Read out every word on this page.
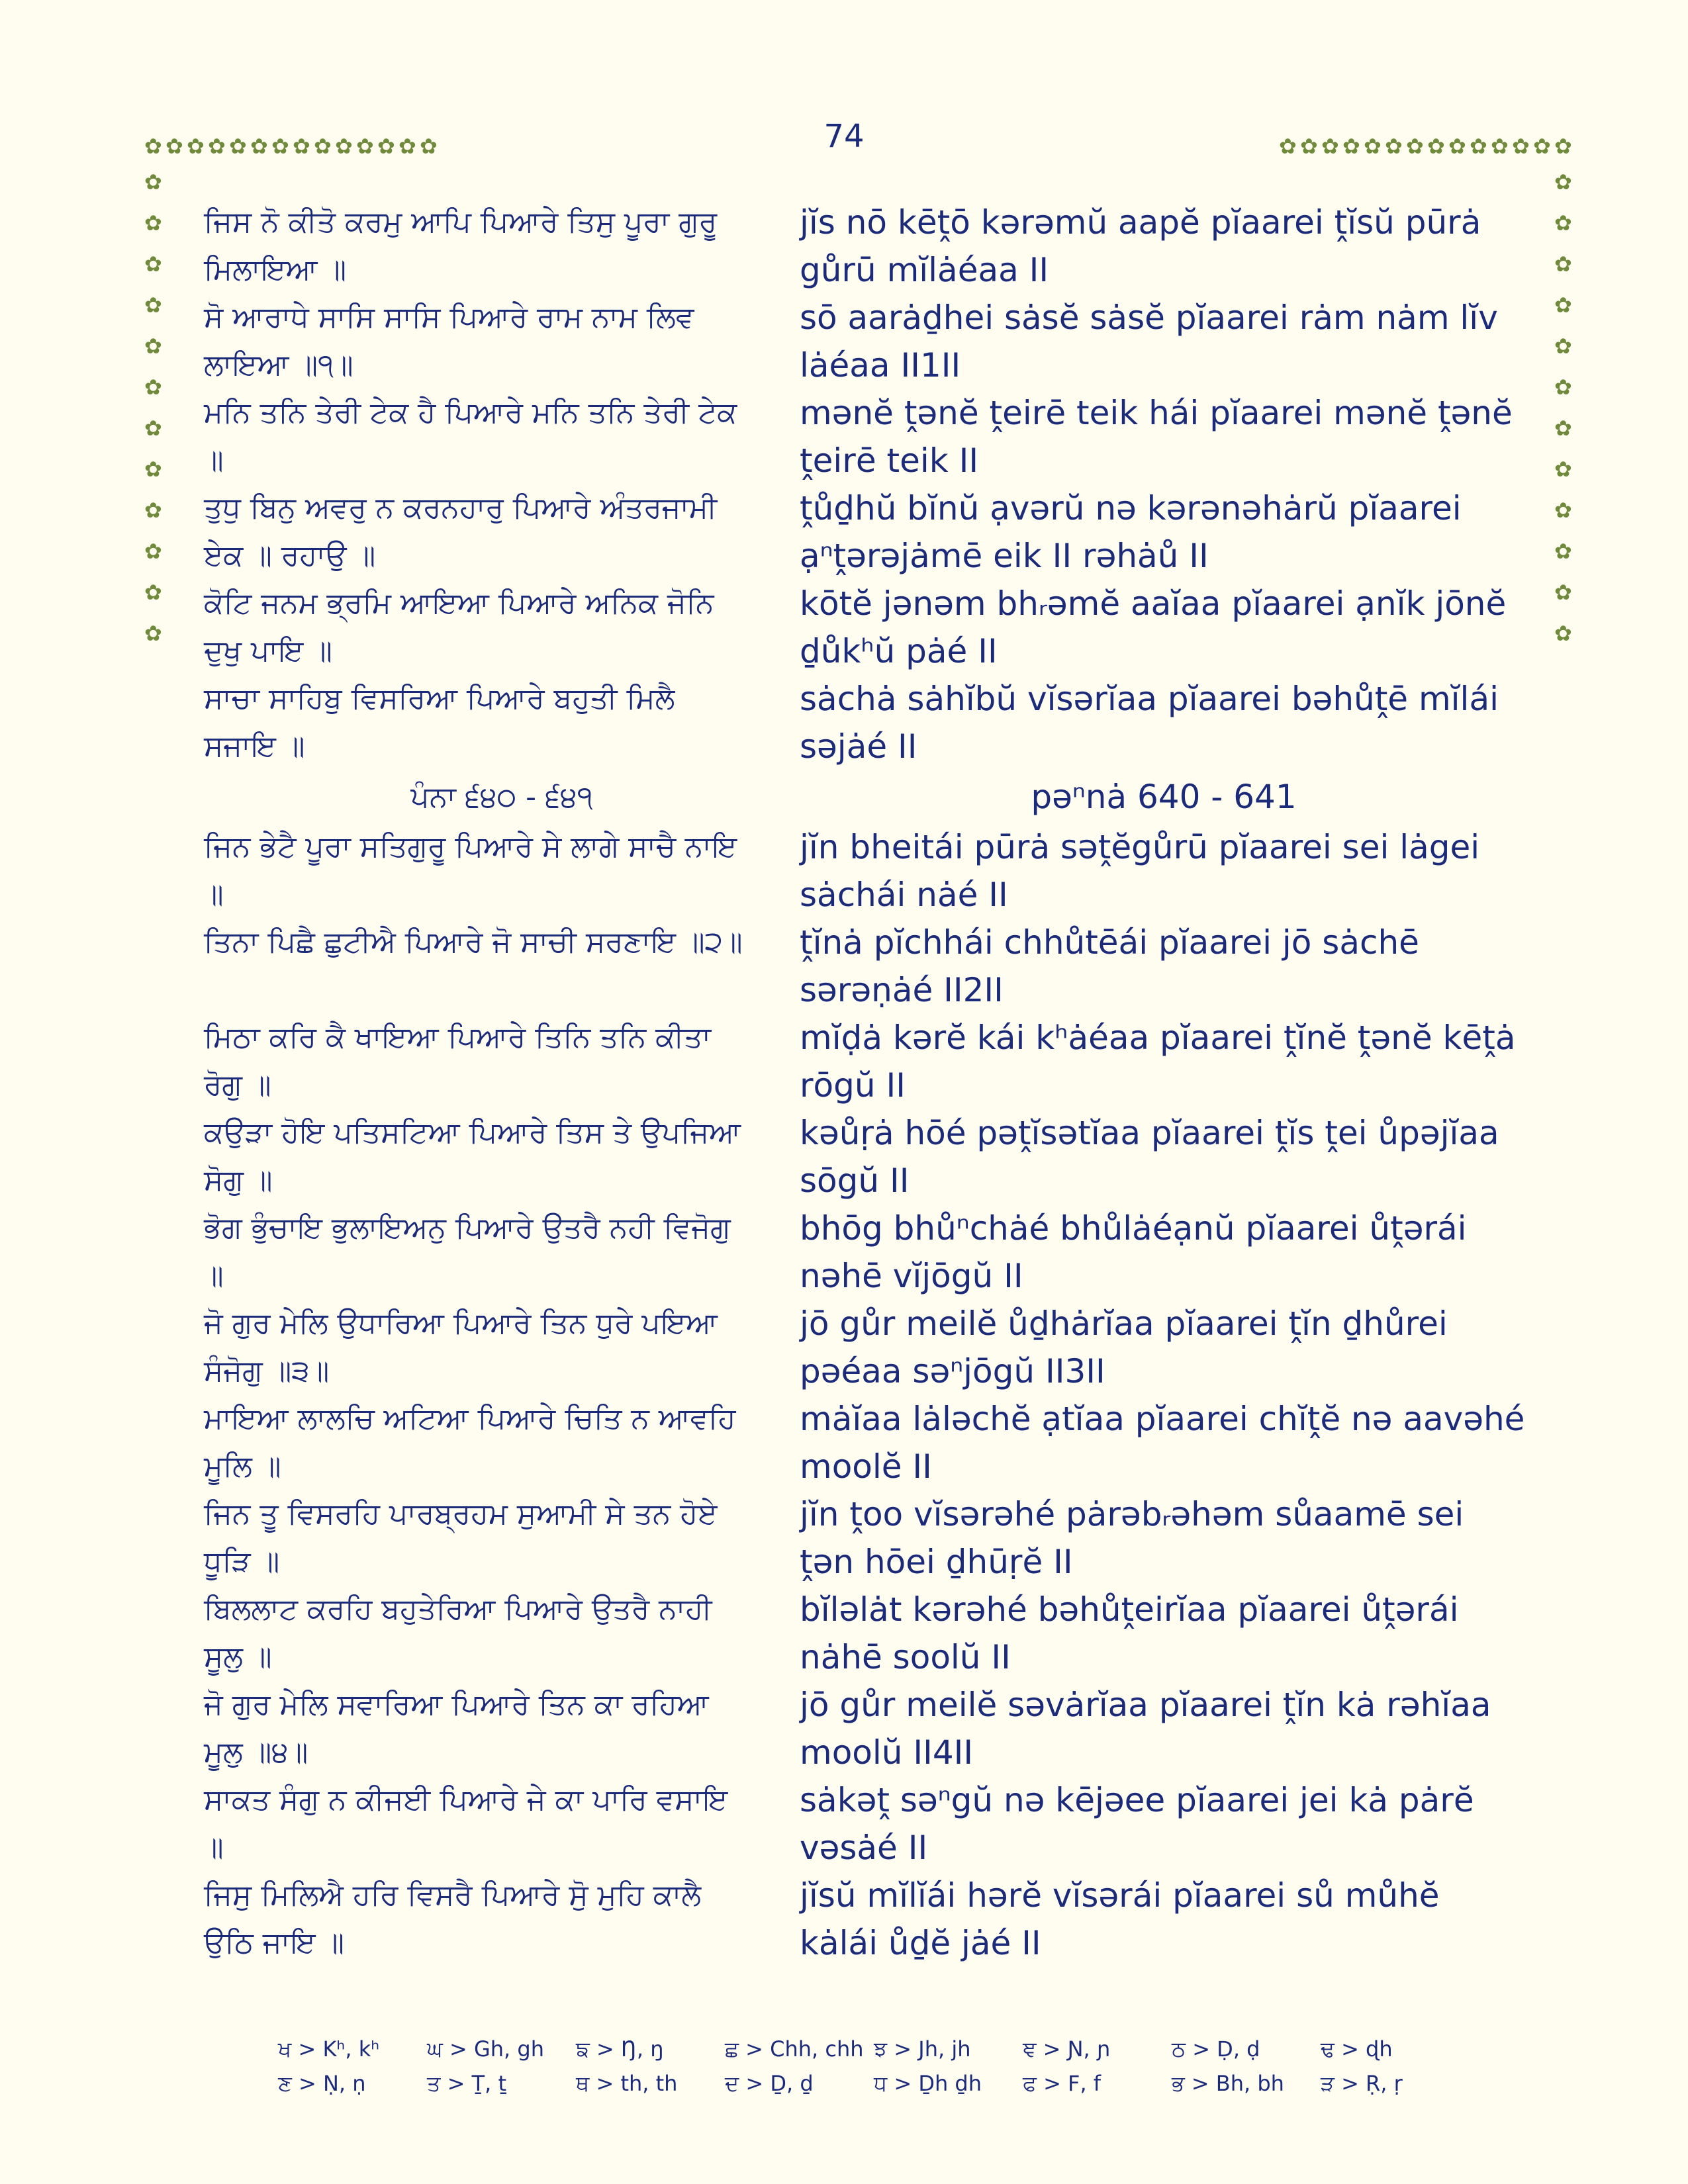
74
✿ ✿ ✿ ✿ ✿ ✿ ✿ ✿ ✿ ✿ ✿ ✿ ✿ ✿	✿ ✿ ✿ ✿ ✿ ✿ ✿ ✿ ✿ ✿ ✿ ✿ ✿ ✿
✿
✿
✿
✿
✿
✿
✿
✿
✿
✿
✿
✿
✿
✿
✿
✿
✿
✿
✿
✿
✿
✿
✿
✿
ਜਿਸ ਨੋ ਕੀਤੋ ਕਰਮੁ ਆਪਿ ਪਿਆਰੇ ਤਿਸੁ ਪੂਰਾ ਗੁਰੂ ਮਿਲਾਇਆ ॥
jĭs nō kēṱō kərəmŭ aapĕ pĭaarei ṱĭsŭ pūrȧ gůrū mĭlȧéaa II
ਸੋ ਆਰਾਧੇ ਸਾਸਿ ਸਾਸਿ ਪਿਆਰੇ ਰਾਮ ਨਾਮ ਲਿਵ ਲਾਇਆ ॥੧॥
sō aarȧḏhei sȧsĕ sȧsĕ pĭaarei rȧm nȧm lĭv lȧéaa II1II
ਮਨਿ ਤਨਿ ਤੇਰੀ ਟੇਕ ਹੈ ਪਿਆਰੇ ਮਨਿ ਤਨਿ ਤੇਰੀ ਟੇਕ ॥
mənĕ ṱənĕ ṱeirē teik hái pĭaarei mənĕ ṱənĕ ṱeirē teik II
ਤੁਧੁ ਬਿਨੁ ਅਵਰੁ ਨ ਕਰਨਹਾਰੁ ਪਿਆਰੇ ਅੰਤਰਜਾਮੀ ਏਕ ॥ ਰਹਾਉ ॥
ṱůḏhŭ bĭnŭ ạvərŭ nə kərənəhȧrŭ pĭaarei ạⁿṱərəjȧmē eik II rəhȧů II
ਕੋਟਿ ਜਨਮ ਭ੍ਰਮਿ ਆਇਆ ਪਿਆਰੇ ਅਨਿਕ ਜੋਨਿ ਦੁਖੁ ਪਾਇ ॥
kōtĕ jənəm bhᵣəmĕ aaĭaa pĭaarei ạnĭk jōnĕ ḏůkʰŭ pȧé II
ਸਾਚਾ ਸਾਹਿਬੁ ਵਿਸਰਿਆ ਪਿਆਰੇ ਬਹੁਤੀ ਮਿਲੈ ਸਜਾਇ ॥
sȧchȧ sȧhĭbŭ vĭsərĭaa pĭaarei bəhůṱē mĭlái səjȧé II
ਪੰਨਾ ੬੪੦ - ੬੪੧	pəⁿnȧ 640 - 641
ਜਿਨ ਭੇਟੈ ਪੂਰਾ ਸਤਿਗੁਰੂ ਪਿਆਰੇ ਸੇ ਲਾਗੇ ਸਾਚੈ ਨਾਇ ॥
jĭn bheitái pūrȧ səṱĕgůrū pĭaarei sei lȧgei sȧchái nȧé II
ਤਿਨਾ ਪਿਛੈ ਛੁਟੀਐ ਪਿਆਰੇ ਜੋ ਸਾਚੀ ਸਰਣਾਇ ॥੨॥	ṱĭnȧ pĭchhái chhůtēái pĭaarei jō sȧchē sərəṇȧé II2II
ਮਿਠਾ ਕਰਿ ਕੈ ਖਾਇਆ ਪਿਆਰੇ ਤਿਨਿ ਤਨਿ ਕੀਤਾ ਰੋਗੁ ॥
mĭḍȧ kərĕ kái kʰȧéaa pĭaarei ṱĭnĕ ṱənĕ kēṱȧ rōgŭ II
ਕਉੜਾ ਹੋਇ ਪਤਿਸਟਿਆ ਪਿਆਰੇ ਤਿਸ ਤੇ ਉਪਜਿਆ ਸੋਗੁ ॥
kəůṛȧ hōé pəṱĭsətĭaa pĭaarei ṱĭs ṱei ůpəjĭaa sōgŭ II
ਭੋਗ ਭੁੰਚਾਇ ਭੁਲਾਇਅਨੁ ਪਿਆਰੇ ਉਤਰੈ ਨਹੀ ਵਿਜੋਗੁ ॥
bhōg bhůⁿchȧé bhůlȧéạnŭ pĭaarei ůṱərái nəhē vĭjōgŭ II
ਜੋ ਗੁਰ ਮੇਲਿ ਉਧਾਰਿਆ ਪਿਆਰੇ ਤਿਨ ਧੁਰੇ ਪਇਆ ਸੰਜੋਗੁ ॥੩॥
jō gůr meilĕ ůḏhȧrĭaa pĭaarei ṱĭn ḏhůrei pəéaa səⁿjōgŭ II3II
ਮਾਇਆ ਲਾਲਚਿ ਅਟਿਆ ਪਿਆਰੇ ਚਿਤਿ ਨ ਆਵਹਿ ਮੂਲਿ ॥
mȧĭaa lȧləchĕ ạtĭaa pĭaarei chĭṱĕ nə aavəhé moolĕ II
ਜਿਨ ਤੂ ਵਿਸਰਹਿ ਪਾਰਬ੍ਰਹਮ ਸੁਆਮੀ ਸੇ ਤਨ ਹੋਏ ਧੂੜਿ ॥
jĭn ṱoo vĭsərəhé pȧrəbᵣəhəm sůaamē sei ṱən hōei ḏhūṛĕ II
ਬਿਲਲਾਟ ਕਰਹਿ ਬਹੁਤੇਰਿਆ ਪਿਆਰੇ ਉਤਰੈ ਨਾਹੀ ਸੂਲੁ ॥
bĭləlȧt kərəhé bəhůṱeirĭaa pĭaarei ůṱərái nȧhē soolŭ II
ਜੋ ਗੁਰ ਮੇਲਿ ਸਵਾਰਿਆ ਪਿਆਰੇ ਤਿਨ ਕਾ ਰਹਿਆ ਮੂਲੁ ॥੪॥
jō gůr meilĕ səvȧrĭaa pĭaarei ṱĭn kȧ rəhĭaa moolŭ II4II
ਸਾਕਤ ਸੰਗੁ ਨ ਕੀਜਈ ਪਿਆਰੇ ਜੇ ਕਾ ਪਾਰਿ ਵਸਾਇ ॥
sȧkəṱ səⁿgŭ nə kējəee pĭaarei jei kȧ pȧrĕ vəsȧé II
ਜਿਸੁ ਮਿਲਿਐ ਹਰਿ ਵਿਸਰੈ ਪਿਆਰੇ ਸੋੁ ਮੁਹਿ ਕਾਲੈ ਉਠਿ ਜਾਇ ॥
jĭsŭ mĭlĭái hərĕ vĭsərái pĭaarei sů můhĕ kȧlái ůḏĕ jȧé II
ਖ > Kʰ, kʰ	ਘ > Gh, gh	ਙ > Ŋ, ŋ	ਛ > Chh, chh ਝ > Jh, jh	ਞ > Ɲ, ɲ	ਠ > Ḍ, ḍ	ਢ > ɖh
ਣ > Ṇ, ṇ	ਤ > Ṯ, ṯ	ਥ > th, th	ਦ > Ḏ, ḏ	ਧ > Ḏh ḏh	ਫ > F, f	ਭ > Bh, bh	ੜ > Ṛ, ṛ
